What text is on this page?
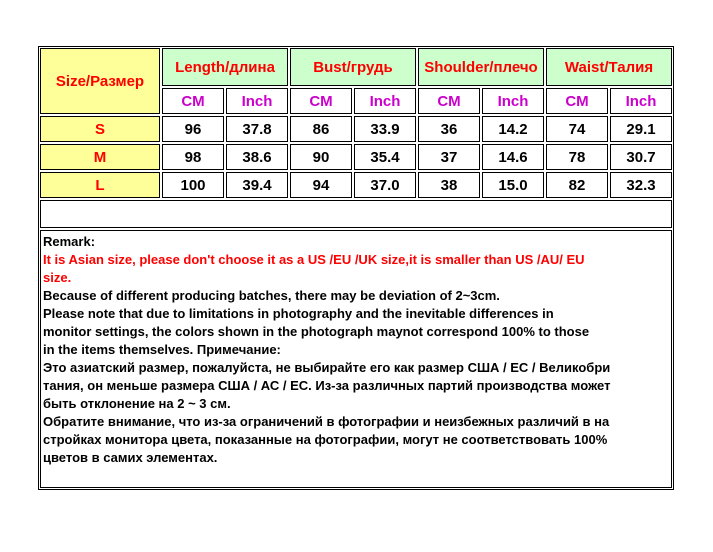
Size/Размер
Length/длина	Bust/грудь	Shoulder/плечо	Waist/Талия
CM	Inch	CM	Inch	CM	Inch	CM	Inch
S	96	37.8	86	33.9	36	14.2	74	29.1
M	98	38.6	90	35.4	37	14.6	78	30.7
L	100	39.4	94	37.0	38	15.0	82	32.3
Remark:
It is Asian size, please don't choose it as a US /EU /UK size,it is smaller than US /AU/ EU
size.
Because of different producing batches, there may be deviation of 2~3cm.
Please note that due to limitations in photography and the inevitable differences in
monitor settings, the colors shown in the photograph maynot correspond 100% to those
in the items themselves. Примечание:
Это азиатский размер, пожалуйста, не выбирайте его как размер США / ЕС / Великобри
тания, он меньше размера США / АС / ЕС. Из-за различных партий производства может
быть отклонение на 2 ~ 3 см.
Обратите внимание, что из-за ограничений в фотографии и неизбежных различий в на
стройках монитора цвета, показанные на фотографии, могут не соответствовать 100%
цветов в самих элементах.
